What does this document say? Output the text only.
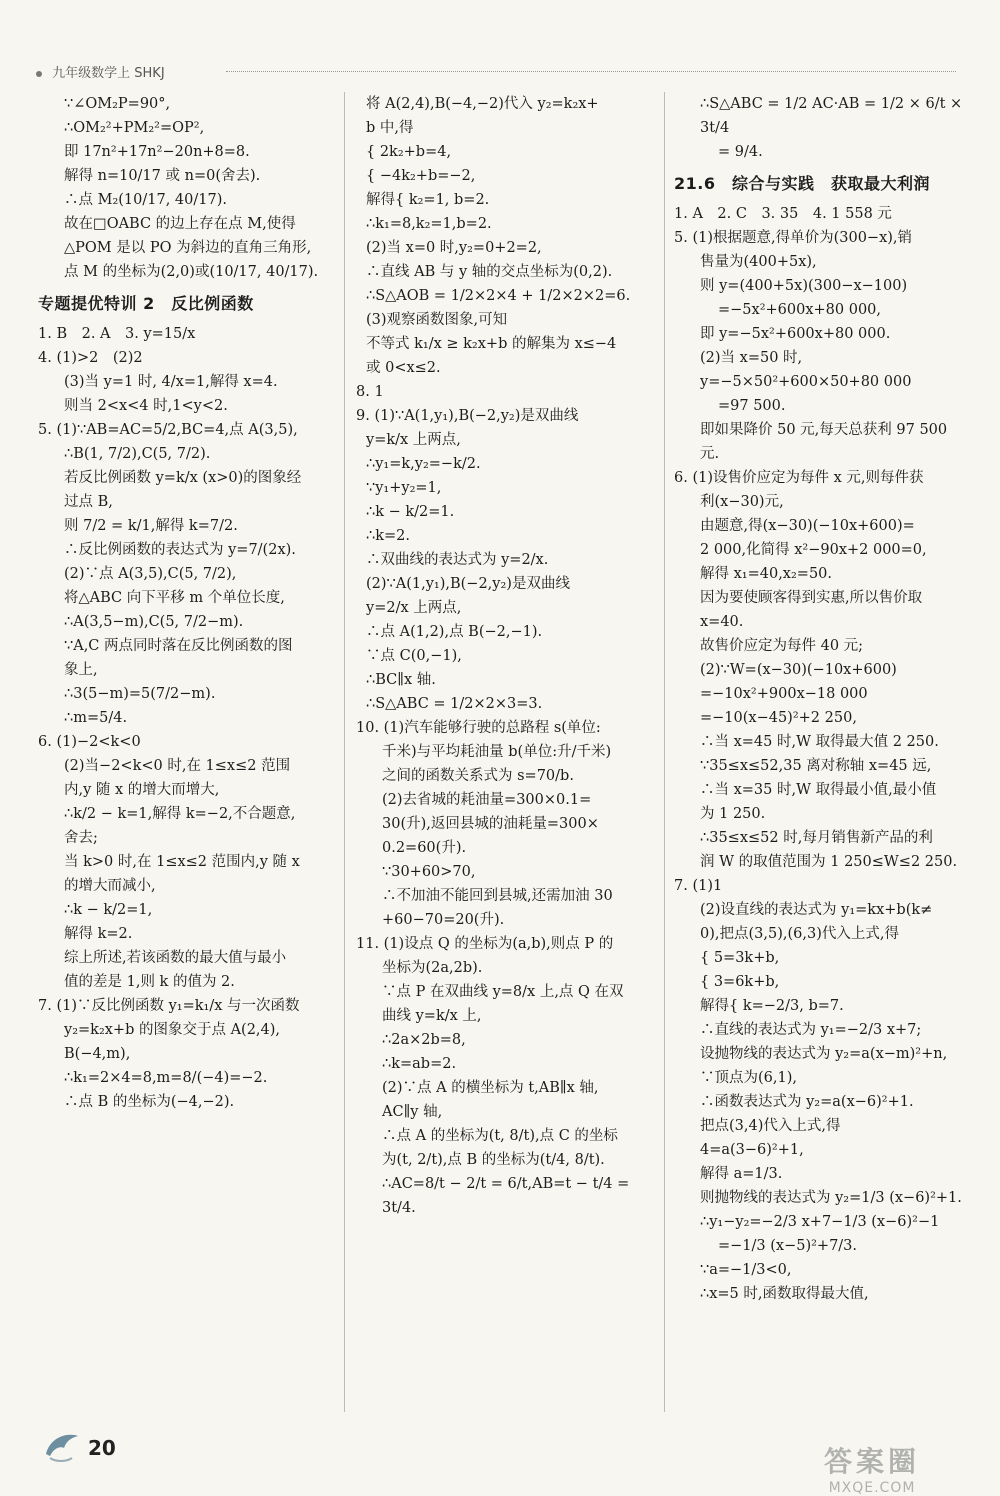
九年级数学上 SHKJ
∵∠OM₂P=90°,
∴OM₂²+PM₂²=OP²,
即 17n²+17n²−20n+8=8.
解得 n=10/17 或 n=0(舍去).
∴点 M₂(10/17, 40/17).
故在□OABC 的边上存在点 M,使得
△POM 是以 PO 为斜边的直角三角形,
点 M 的坐标为(2,0)或(10/17, 40/17).
专题提优特训 2　反比例函数
1. B　2. A　3. y=15/x
4. (1)>2　(2)2
(3)当 y=1 时, 4/x=1,解得 x=4.
则当 2<x<4 时,1<y<2.
5. (1)∵AB=AC=5/2,BC=4,点 A(3,5),
∴B(1, 7/2),C(5, 7/2).
若反比例函数 y=k/x (x>0)的图象经
过点 B,
则 7/2 = k/1,解得 k=7/2.
∴反比例函数的表达式为 y=7/(2x).
(2)∵点 A(3,5),C(5, 7/2),
将△ABC 向下平移 m 个单位长度,
∴A(3,5−m),C(5, 7/2−m).
∵A,C 两点同时落在反比例函数的图
象上,
∴3(5−m)=5(7/2−m).
∴m=5/4.
6. (1)−2<k<0
(2)当−2<k<0 时,在 1≤x≤2 范围
内,y 随 x 的增大而增大,
∴k/2 − k=1,解得 k=−2,不合题意,
舍去;
当 k>0 时,在 1≤x≤2 范围内,y 随 x
的增大而减小,
∴k − k/2=1,
解得 k=2.
综上所述,若该函数的最大值与最小
值的差是 1,则 k 的值为 2.
7. (1)∵反比例函数 y₁=k₁/x 与一次函数
y₂=k₂x+b 的图象交于点 A(2,4),
B(−4,m),
∴k₁=2×4=8,m=8/(−4)=−2.
∴点 B 的坐标为(−4,−2).
将 A(2,4),B(−4,−2)代入 y₂=k₂x+
b 中,得
{ 2k₂+b=4,
{ −4k₂+b=−2,
解得{ k₂=1, b=2.
∴k₁=8,k₂=1,b=2.
(2)当 x=0 时,y₂=0+2=2,
∴直线 AB 与 y 轴的交点坐标为(0,2).
∴S△AOB = 1/2×2×4 + 1/2×2×2=6.
(3)观察函数图象,可知
不等式 k₁/x ≥ k₂x+b 的解集为 x≤−4
或 0<x≤2.
8. 1
9. (1)∵A(1,y₁),B(−2,y₂)是双曲线
y=k/x 上两点,
∴y₁=k,y₂=−k/2.
∵y₁+y₂=1,
∴k − k/2=1.
∴k=2.
∴双曲线的表达式为 y=2/x.
(2)∵A(1,y₁),B(−2,y₂)是双曲线
y=2/x 上两点,
∴点 A(1,2),点 B(−2,−1).
∵点 C(0,−1),
∴BC∥x 轴.
∴S△ABC = 1/2×2×3=3.
10. (1)汽车能够行驶的总路程 s(单位:
千米)与平均耗油量 b(单位:升/千米)
之间的函数关系式为 s=70/b.
(2)去省城的耗油量=300×0.1=
30(升),返回县城的油耗量=300×
0.2=60(升).
∵30+60>70,
∴不加油不能回到县城,还需加油 30
+60−70=20(升).
11. (1)设点 Q 的坐标为(a,b),则点 P 的
坐标为(2a,2b).
∵点 P 在双曲线 y=8/x 上,点 Q 在双
曲线 y=k/x 上,
∴2a×2b=8,
∴k=ab=2.
(2)∵点 A 的横坐标为 t,AB∥x 轴,
AC∥y 轴,
∴点 A 的坐标为(t, 8/t),点 C 的坐标
为(t, 2/t),点 B 的坐标为(t/4, 8/t).
∴AC=8/t − 2/t = 6/t,AB=t − t/4 = 3t/4.
∴S△ABC = 1/2 AC·AB = 1/2 × 6/t × 3t/4
= 9/4.
21.6　综合与实践　获取最大利润
1. A　2. C　3. 35　4. 1 558 元
5. (1)根据题意,得单价为(300−x),销
售量为(400+5x),
则 y=(400+5x)(300−x−100)
=−5x²+600x+80 000,
即 y=−5x²+600x+80 000.
(2)当 x=50 时,
y=−5×50²+600×50+80 000
=97 500.
即如果降价 50 元,每天总获利 97 500 元.
6. (1)设售价应定为每件 x 元,则每件获
利(x−30)元,
由题意,得(x−30)(−10x+600)=
2 000,化简得 x²−90x+2 000=0,
解得 x₁=40,x₂=50.
因为要使顾客得到实惠,所以售价取
x=40.
故售价应定为每件 40 元;
(2)∵W=(x−30)(−10x+600)
=−10x²+900x−18 000
=−10(x−45)²+2 250,
∴当 x=45 时,W 取得最大值 2 250.
∵35≤x≤52,35 离对称轴 x=45 远,
∴当 x=35 时,W 取得最小值,最小值
为 1 250.
∴35≤x≤52 时,每月销售新产品的利
润 W 的取值范围为 1 250≤W≤2 250.
7. (1)1
(2)设直线的表达式为 y₁=kx+b(k≠
0),把点(3,5),(6,3)代入上式,得
{ 5=3k+b,
{ 3=6k+b,
解得{ k=−2/3, b=7.
∴直线的表达式为 y₁=−2/3 x+7;
设抛物线的表达式为 y₂=a(x−m)²+n,
∵顶点为(6,1),
∴函数表达式为 y₂=a(x−6)²+1.
把点(3,4)代入上式,得
4=a(3−6)²+1,
解得 a=1/3.
则抛物线的表达式为 y₂=1/3 (x−6)²+1.
∴y₁−y₂=−2/3 x+7−1/3 (x−6)²−1
=−1/3 (x−5)²+7/3.
∵a=−1/3<0,
∴x=5 时,函数取得最大值,
20	答案圈
MXQE.COM
